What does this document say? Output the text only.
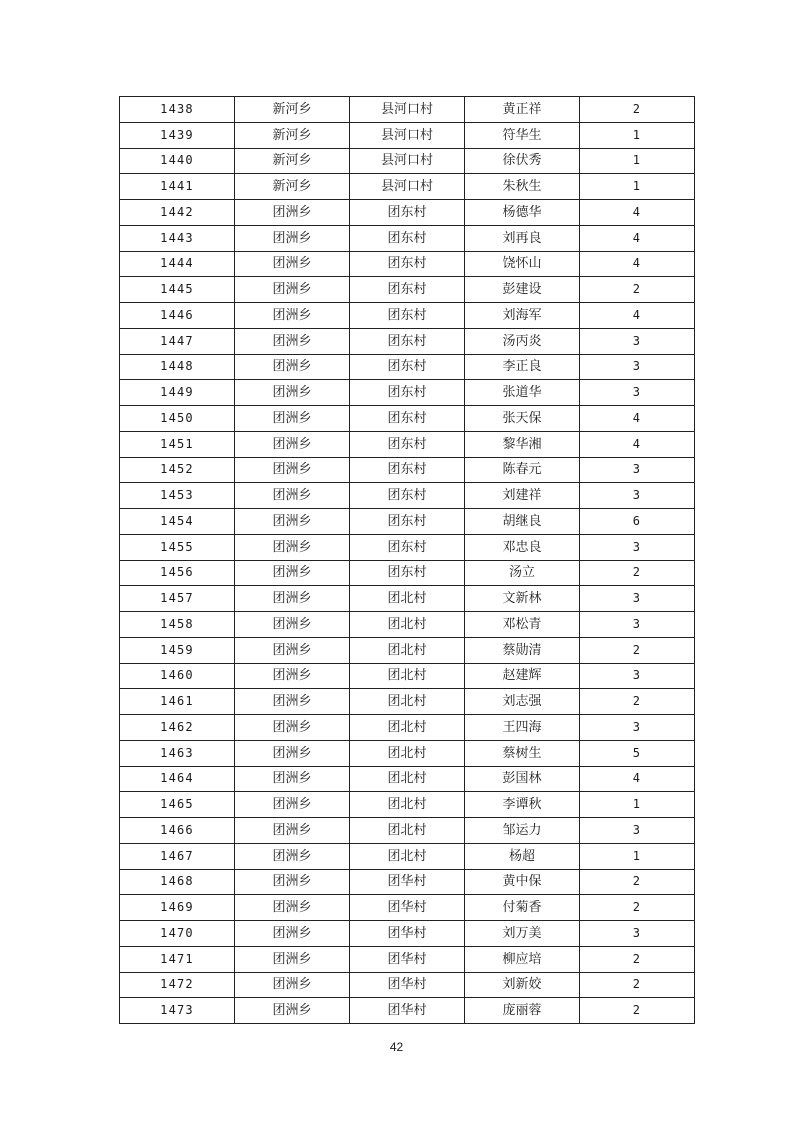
1438	新河乡	县河口村	黄正祥	2
1439	新河乡	县河口村	符华生	1
1440	新河乡	县河口村	徐伏秀	1
1441	新河乡	县河口村	朱秋生	1
1442	团洲乡	团东村	杨德华	4
1443	团洲乡	团东村	刘再良	4
1444	团洲乡	团东村	饶怀山	4
1445	团洲乡	团东村	彭建设	2
1446	团洲乡	团东村	刘海军	4
1447	团洲乡	团东村	汤丙炎	3
1448	团洲乡	团东村	李正良	3
1449	团洲乡	团东村	张道华	3
1450	团洲乡	团东村	张天保	4
1451	团洲乡	团东村	黎华湘	4
1452	团洲乡	团东村	陈春元	3
1453	团洲乡	团东村	刘建祥	3
1454	团洲乡	团东村	胡继良	6
1455	团洲乡	团东村	邓忠良	3
1456	团洲乡	团东村	汤立	2
1457	团洲乡	团北村	文新林	3
1458	团洲乡	团北村	邓松青	3
1459	团洲乡	团北村	蔡勋清	2
1460	团洲乡	团北村	赵建辉	3
1461	团洲乡	团北村	刘志强	2
1462	团洲乡	团北村	王四海	3
1463	团洲乡	团北村	蔡树生	5
1464	团洲乡	团北村	彭国林	4
1465	团洲乡	团北村	李谭秋	1
1466	团洲乡	团北村	邹运力	3
1467	团洲乡	团北村	杨超	1
1468	团洲乡	团华村	黄中保	2
1469	团洲乡	团华村	付菊香	2
1470	团洲乡	团华村	刘万美	3
1471	团洲乡	团华村	柳应培	2
1472	团洲乡	团华村	刘新姣	2
1473	团洲乡	团华村	庞丽蓉	2
42
